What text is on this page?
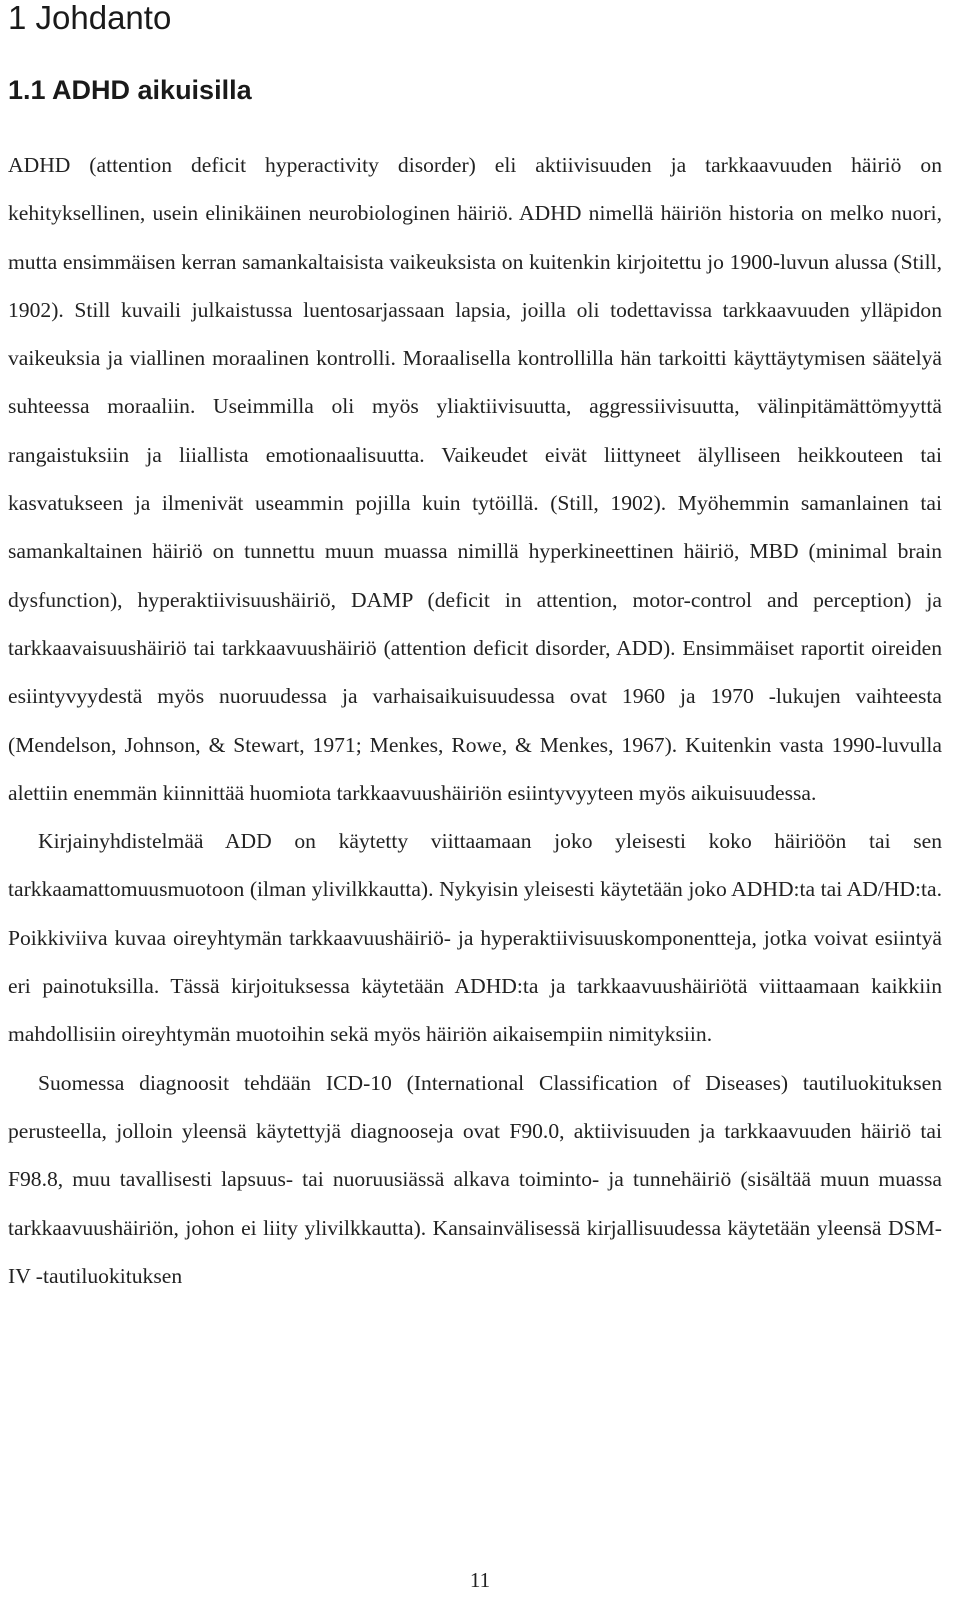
1 Johdanto
1.1 ADHD aikuisilla

ADHD (attention deficit hyperactivity disorder) eli aktiivisuuden ja tarkkaavuuden häiriö on kehityksellinen, usein elinikäinen neurobiologinen häiriö. ADHD nimellä häiriön historia on melko nuori, mutta ensimmäisen kerran samankaltaisista vaikeuksista on kuitenkin kirjoitettu jo 1900-luvun alussa (Still, 1902). Still kuvaili julkaistussa luentosarjassaan lapsia, joilla oli todettavissa tarkkaavuuden ylläpidon vaikeuksia ja viallinen moraalinen kontrolli. Moraalisella kontrollilla hän tarkoitti käyttäytymisen säätelyä suhteessa moraaliin. Useimmilla oli myös yliaktiivisuutta, aggressiivisuutta, välinpitämättömyyttä rangaistuksiin ja liiallista emotionaalisuutta. Vaikeudet eivät liittyneet älylliseen heikkouteen tai kasvatukseen ja ilmenivät useammin pojilla kuin tytöillä. (Still, 1902). Myöhemmin samanlainen tai samankaltainen häiriö on tunnettu muun muassa nimillä hyperkineettinen häiriö, MBD (minimal brain dysfunction), hyperaktiivisuushäiriö, DAMP (deficit in attention, motor-control and perception) ja tarkkaavaisuushäiriö tai tarkkaavuushäiriö (attention deficit disorder, ADD). Ensimmäiset raportit oireiden esiintyvyydestä myös nuoruudessa ja varhaisaikuisuudessa ovat 1960 ja 1970 -lukujen vaihteesta (Mendelson, Johnson, & Stewart, 1971; Menkes, Rowe, & Menkes, 1967). Kuitenkin vasta 1990-luvulla alettiin enemmän kiinnittää huomiota tarkkaavuushäiriön esiintyvyyteen myös aikuisuudessa.

Kirjainyhdistelmää ADD on käytetty viittaamaan joko yleisesti koko häiriöön tai sen tarkkaamattomuusmuotoon (ilman ylivilkkautta). Nykyisin yleisesti käytetään joko ADHD:ta tai AD/HD:ta. Poikkiviiva kuvaa oireyhtymän tarkkaavuushäiriö- ja hyperaktiivisuuskomponentteja, jotka voivat esiintyä eri painotuksilla. Tässä kirjoituksessa käytetään ADHD:ta ja tarkkaavuushäiriötä viittaamaan kaikkiin mahdollisiin oireyhtymän muotoihin sekä myös häiriön aikaisempiin nimityksiin.

Suomessa diagnoosit tehdään ICD-10 (International Classification of Diseases) tautiluokituksen perusteella, jolloin yleensä käytettyjä diagnooseja ovat F90.0, aktiivisuuden ja tarkkaavuuden häiriö tai F98.8, muu tavallisesti lapsuus- tai nuoruusiässä alkava toiminto- ja tunnehäiriö (sisältää muun muassa tarkkaavuushäiriön, johon ei liity ylivilkkautta). Kansainvälisessä kirjallisuudessa käytetään yleensä DSM-IV -tautiluokituksen

11
